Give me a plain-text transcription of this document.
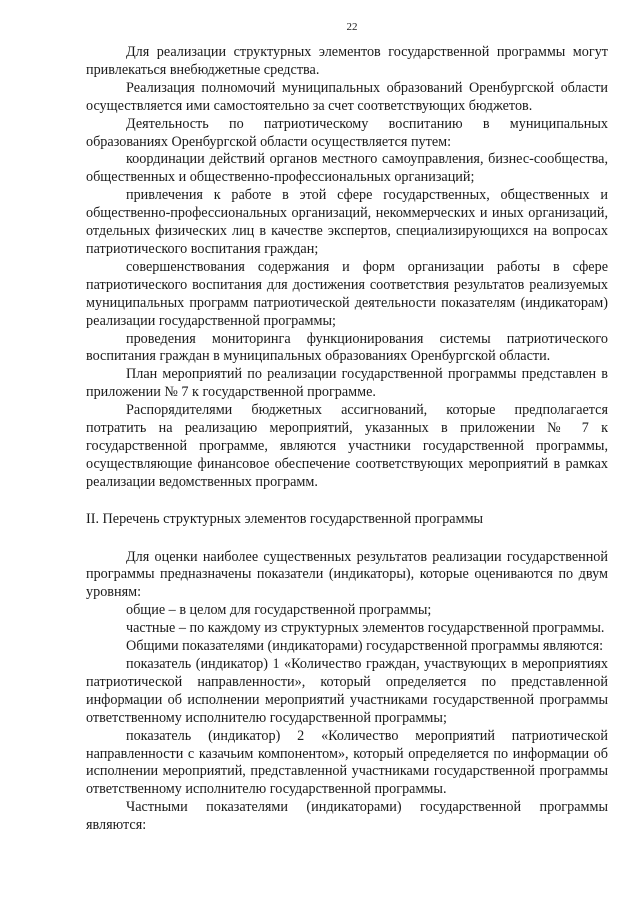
22

Для реализации структурных элементов государственной программы могут привлекаться внебюджетные средства.

Реализация полномочий муниципальных образований Оренбургской области осуществляется ими самостоятельно за счет соответствующих бюджетов.

Деятельность по патриотическому воспитанию в муниципальных образованиях Оренбургской области осуществляется путем:

координации действий органов местного самоуправления, бизнес-сообщества, общественных и общественно-профессиональных организаций;

привлечения к работе в этой сфере государственных, общественных и общественно-профессиональных организаций, некоммерческих и иных организаций, отдельных физических лиц в качестве экспертов, специализирующихся на вопросах патриотического воспитания граждан;

совершенствования содержания и форм организации работы в сфере патриотического воспитания для достижения соответствия результатов реализуемых муниципальных программ патриотической деятельности показателям (индикаторам) реализации государственной программы;

проведения мониторинга функционирования системы патриотического воспитания граждан в муниципальных образованиях Оренбургской области.

План мероприятий по реализации государственной программы представлен в приложении № 7 к государственной программе.

Распорядителями бюджетных ассигнований, которые предполагается потратить на реализацию мероприятий, указанных в приложении № 7 к государственной программе, являются участники государственной программы, осуществляющие финансовое обеспечение соответствующих мероприятий в рамках реализации ведомственных программ.

II. Перечень структурных элементов государственной программы

Для оценки наиболее существенных результатов реализации государственной программы предназначены показатели (индикаторы), которые оцениваются по двум уровням:

общие – в целом для государственной программы;

частные – по каждому из структурных элементов государственной программы.

Общими показателями (индикаторами) государственной программы являются:

показатель (индикатор) 1 «Количество граждан, участвующих в мероприятиях патриотической направленности», который определяется по представленной информации об исполнении мероприятий участниками государственной программы ответственному исполнителю государственной программы;

показатель (индикатор) 2 «Количество мероприятий патриотической направленности с казачьим компонентом», который определяется по информации об исполнении мероприятий, представленной участниками государственной программы ответственному исполнителю государственной программы.

Частными показателями (индикаторами) государственной программы являются:
